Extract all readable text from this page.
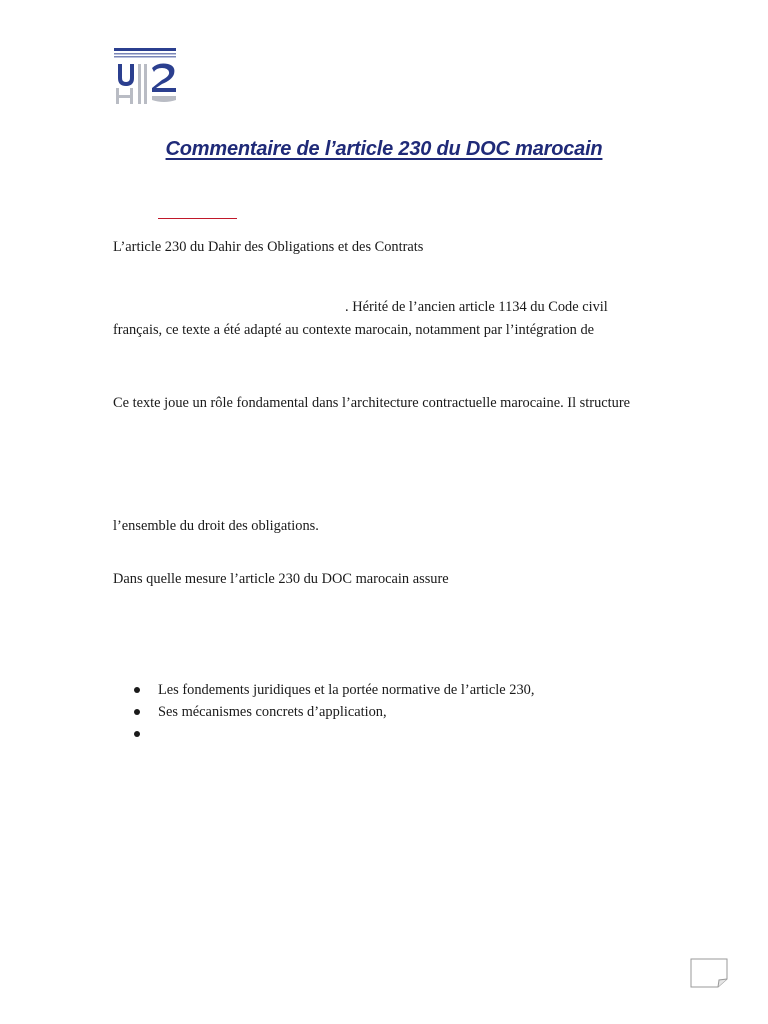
Commentaire de l’article 230 du DOC marocain
L’article 230 du Dahir des Obligations et des Contrats
. Hérité de l’ancien article 1134 du Code civil
français, ce texte a été adapté au contexte marocain, notamment par l’intégration de
Ce texte joue un rôle fondamental dans l’architecture contractuelle marocaine. Il structure
l’ensemble du droit des obligations.
Dans quelle mesure l’article 230 du DOC marocain assure
Les fondements juridiques et la portée normative de l’article 230,
Ses mécanismes concrets d’application,
